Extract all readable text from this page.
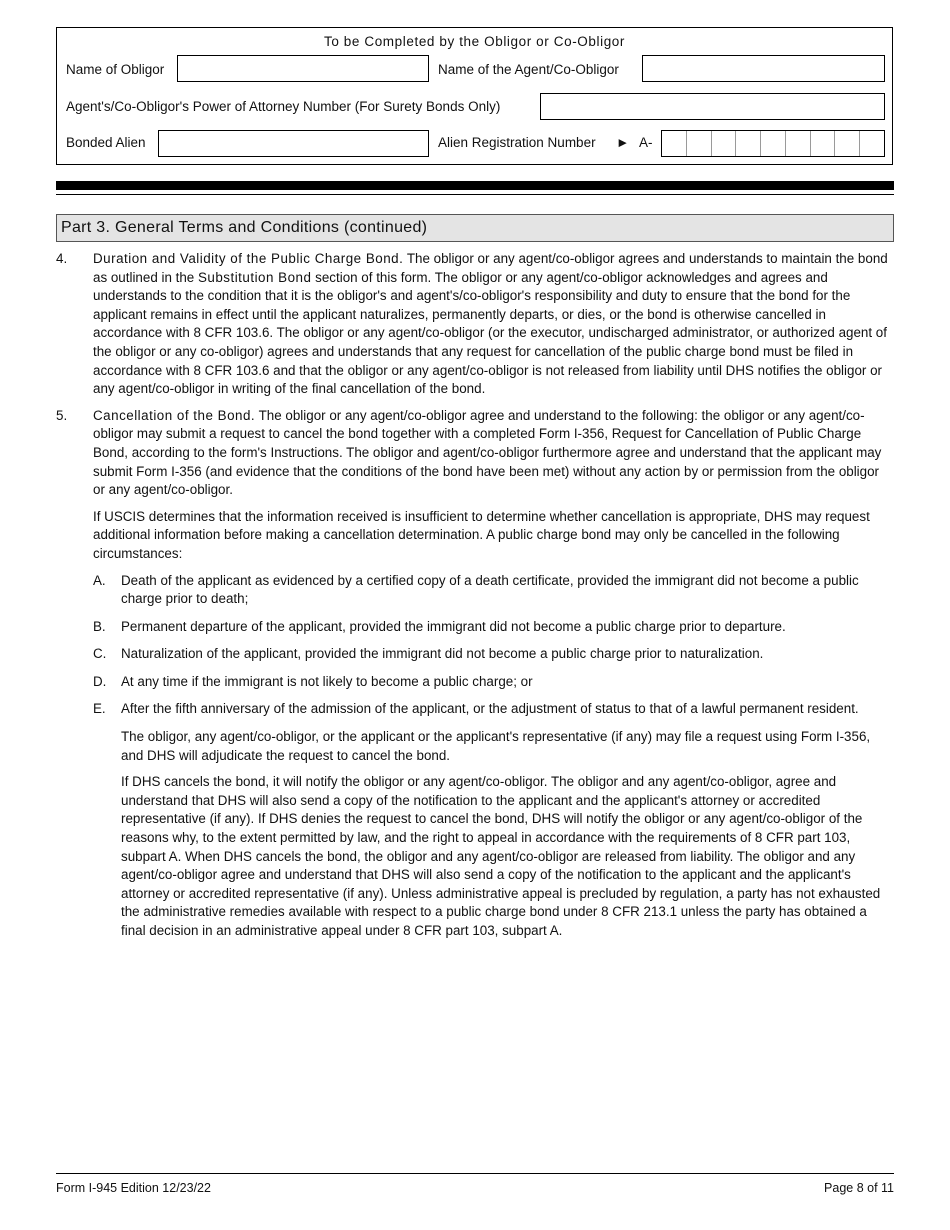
To be Completed by the Obligor or Co-Obligor
Name of Obligor	Name of the Agent/Co-Obligor
Agent's/Co-Obligor's Power of Attorney Number (For Surety Bonds Only)
Bonded Alien	Alien Registration Number ► A-
Part 3. General Terms and Conditions (continued)
4. Duration and Validity of the Public Charge Bond. The obligor or any agent/co-obligor agrees and understands to maintain the bond as outlined in the Substitution Bond section of this form. The obligor or any agent/co-obligor acknowledges and agrees and understands to the condition that it is the obligor's and agent's/co-obligor's responsibility and duty to ensure that the bond for the applicant remains in effect until the applicant naturalizes, permanently departs, or dies, or the bond is otherwise cancelled in accordance with 8 CFR 103.6. The obligor or any agent/co-obligor (or the executor, undischarged administrator, or authorized agent of the obligor or any co-obligor) agrees and understands that any request for cancellation of the public charge bond must be filed in accordance with 8 CFR 103.6 and that the obligor or any agent/co-obligor is not released from liability until DHS notifies the obligor or any agent/co-obligor in writing of the final cancellation of the bond.
5. Cancellation of the Bond. The obligor or any agent/co-obligor agree and understand to the following: the obligor or any agent/co-obligor may submit a request to cancel the bond together with a completed Form I-356, Request for Cancellation of Public Charge Bond, according to the form's Instructions. The obligor and agent/co-obligor furthermore agree and understand that the applicant may submit Form I-356 (and evidence that the conditions of the bond have been met) without any action by or permission from the obligor or any agent/co-obligor.

If USCIS determines that the information received is insufficient to determine whether cancellation is appropriate, DHS may request additional information before making a cancellation determination. A public charge bond may only be cancelled in the following circumstances:

A. Death of the applicant as evidenced by a certified copy of a death certificate, provided the immigrant did not become a public charge prior to death;
B. Permanent departure of the applicant, provided the immigrant did not become a public charge prior to departure.
C. Naturalization of the applicant, provided the immigrant did not become a public charge prior to naturalization.
D. At any time if the immigrant is not likely to become a public charge; or
E. After the fifth anniversary of the admission of the applicant, or the adjustment of status to that of a lawful permanent resident.

The obligor, any agent/co-obligor, or the applicant or the applicant's representative (if any) may file a request using Form I-356, and DHS will adjudicate the request to cancel the bond.

If DHS cancels the bond, it will notify the obligor or any agent/co-obligor. The obligor and any agent/co-obligor, agree and understand that DHS will also send a copy of the notification to the applicant and the applicant's attorney or accredited representative (if any). If DHS denies the request to cancel the bond, DHS will notify the obligor or any agent/co-obligor of the reasons why, to the extent permitted by law, and the right to appeal in accordance with the requirements of 8 CFR part 103, subpart A. When DHS cancels the bond, the obligor and any agent/co-obligor are released from liability. The obligor and any agent/co-obligor agree and understand that DHS will also send a copy of the notification to the applicant and the applicant's attorney or accredited representative (if any). Unless administrative appeal is precluded by regulation, a party has not exhausted the administrative remedies available with respect to a public charge bond under 8 CFR 213.1 unless the party has obtained a final decision in an administrative appeal under 8 CFR part 103, subpart A.

Form I-945 Edition 12/23/22	Page 8 of 11
